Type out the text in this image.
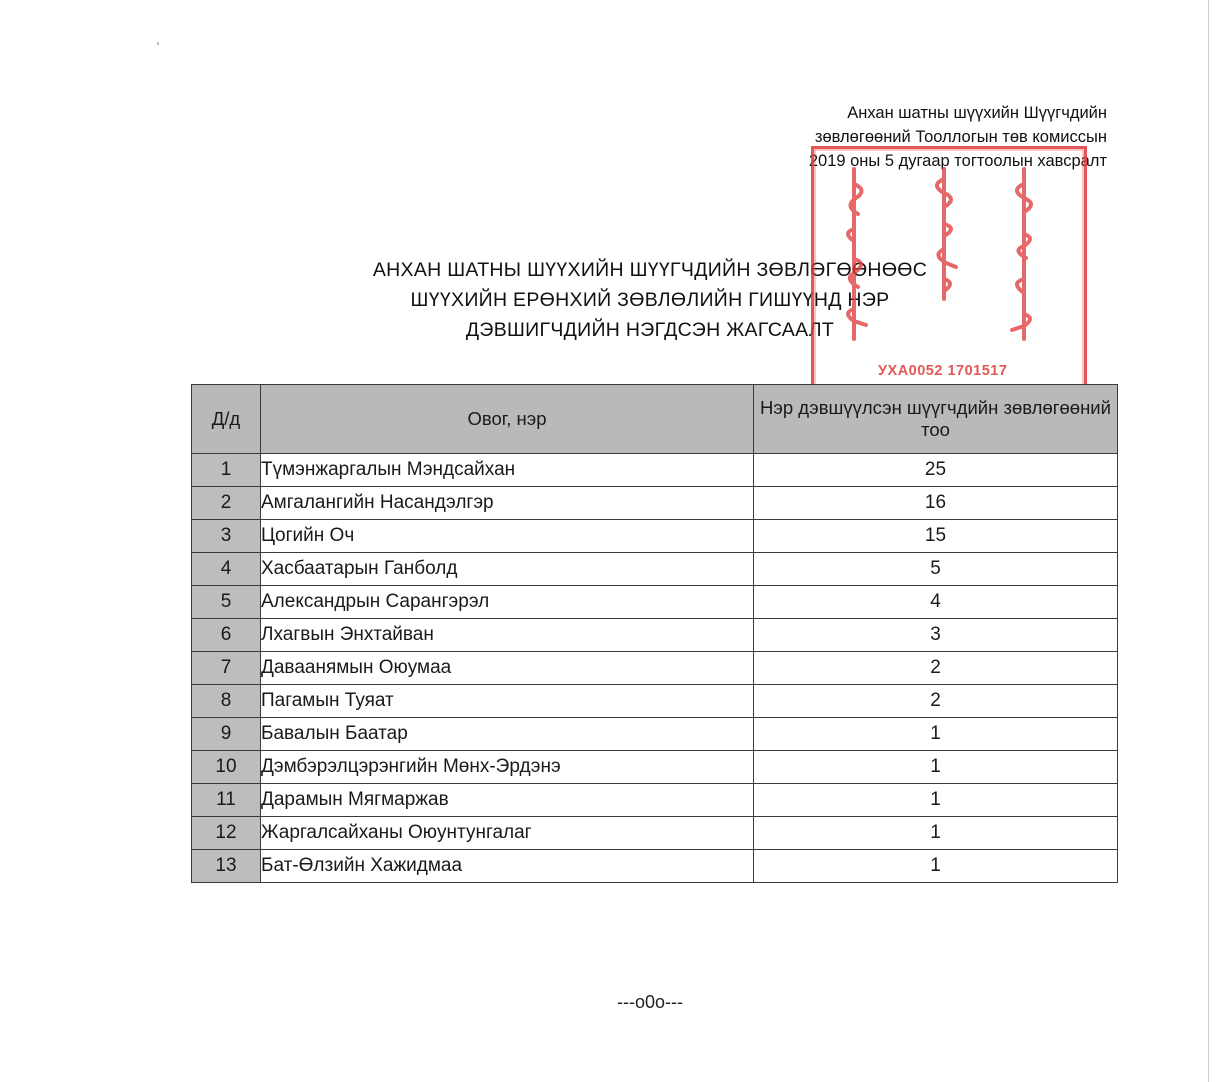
Анхан шатны шүүхийн Шүүгчдийн
зөвлөгөөний Тооллогын төв комиссын
2019 оны 5 дугаар тогтоолын хавсралт
АНХАН ШАТНЫ ШҮҮХИЙН ШҮҮГЧДИЙН ЗӨВЛӨГӨӨНӨӨС
ШҮҮХИЙН ЕРӨНХИЙ ЗӨВЛӨЛИЙН ГИШҮҮНД НЭР
ДЭВШИГЧДИЙН НЭГДСЭН ЖАГСААЛТ
УХА0052 1701517
Д/д	Овог, нэр	Нэр дэвшүүлсэн шүүгчдийн зөвлөгөөний тоо
1	Түмэнжаргалын Мэндсайхан	25
2	Амгалангийн Насандэлгэр	16
3	Цогийн Оч	15
4	Хасбаатарын Ганболд	5
5	Александрын Сарангэрэл	4
6	Лхагвын Энхтайван	3
7	Даваанямын Оюумаа	2
8	Пагамын Туяат	2
9	Бавалын Баатар	1
10	Дэмбэрэлцэрэнгийн Мөнх-Эрдэнэ	1
11	Дарамын Мягмаржав	1
12	Жаргалсайханы Оюунтунгалаг	1
13	Бат-Өлзийн Хажидмаа	1
---o0o---
